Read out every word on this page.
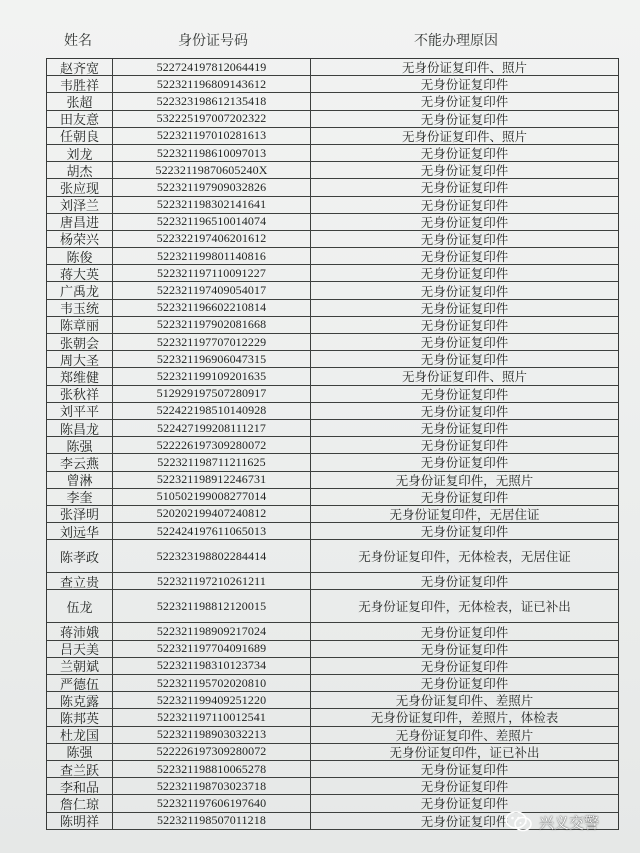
姓名	身份证号码	不能办理原因
赵齐宽	522724197812064419	无身份证复印件、照片
韦胜祥	522321196809143612	无身份证复印件
张超	522323198612135418	无身份证复印件
田友意	532225197007202322	无身份证复印件
任朝良	522321197010281613	无身份证复印件、照片
刘龙	522321198610097013	无身份证复印件
胡杰	52232119870605240X	无身份证复印件
张应现	522321197909032826	无身份证复印件
刘泽兰	522321198302141641	无身份证复印件
唐昌进	522321196510014074	无身份证复印件
杨荣兴	522322197406201612	无身份证复印件
陈俊	522321199801140816	无身份证复印件
蒋大英	522321197110091227	无身份证复印件
广禹龙	522321197409054017	无身份证复印件
韦玉统	522321196602210814	无身份证复印件
陈章丽	522321197902081668	无身份证复印件
张朝会	522321197707012229	无身份证复印件
周大圣	522321196906047315	无身份证复印件
郑维健	522321199109201635	无身份证复印件、照片
张秋祥	512929197507280917	无身份证复印件
刘平平	522422198510140928	无身份证复印件
陈昌龙	522427199208111217	无身份证复印件
陈强	522226197309280072	无身份证复印件
李云燕	522321198711211625	无身份证复印件
曾淋	522321198912246731	无身份证复印件，无照片
李奎	510502199008277014	无身份证复印件
张泽明	520202199407240812	无身份证复印件，无居住证
刘远华	522424197611065013	无身份证复印件
陈孝政	522323198802284414	无身份证复印件，无体检表，无居住证
查立贵	522321197210261211	无身份证复印件
伍龙	522321198812120015	无身份证复印件，无体检表，证已补出
蒋沛娥	522321198909217024	无身份证复印件
吕天美	522321197704091689	无身份证复印件
兰朝斌	522321198310123734	无身份证复印件
严德伍	522321195702020810	无身份证复印件
陈克露	522321199409251220	无身份证复印件、差照片
陈邦英	522321197110012541	无身份证复印件，差照片，体检表
杜龙国	522321198903032213	无身份证复印件、差照片
陈强	522226197309280072	无身份证复印件，证已补出
查兰跃	522321198810065278	无身份证复印件
李和品	522321198703023718	无身份证复印件
詹仁琼	522321197606197640	无身份证复印件
陈明祥	522321198507011218	无身份证复印件	兴义交警
